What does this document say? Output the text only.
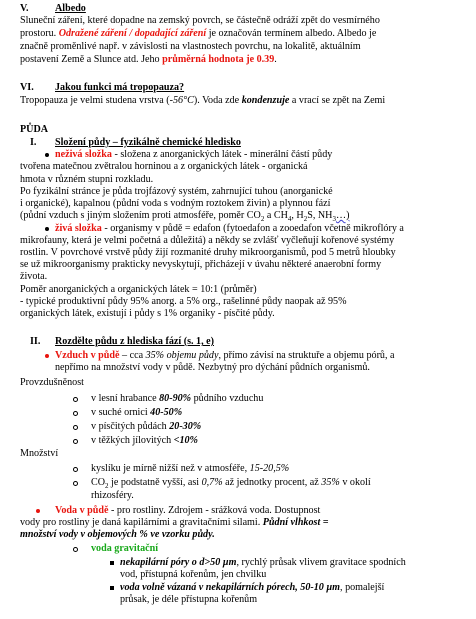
V.	Albedo
Sluneční záření, které dopadne na zemský povrch, se částečně odráží zpět do vesmírného
prostoru. Odražené záření / dopadající záření je označován termínem albedo. Albedo je
značně proměnlivé např. v závislosti na vlastnostech povrchu, na lokalitě, aktuálním
postavení Země a Slunce atd. Jeho průměrná hodnota je 0.39.
VI. Jakou funkci má tropopauza?
Tropopauza je velmi studena vrstva (-56°C). Voda zde kondenzuje a vrací se zpět na Zemi
PŮDA
I. Složení půdy – fyzikálně chemické hledisko
neživá složka - složena z anorganických látek - minerální částí půdy
tvořena matečnou zvětralou horninou a z organických látek - organická
hmota v různém stupni rozkladu.
Po fyzikální stránce je půda trojfázový systém, zahrnující tuhou (anorganické
i organické), kapalnou (půdní voda s vodným roztokem živin) a plynnou fází
(půdní vzduch s jiným složením proti atmosféře, poměr $CO_2$ a $CH_4$, $H_2S$, $NH_3\dots$)
živá složka - organismy v půdě = edafon (fytoedafon a zooedafon včetně mikroflóry a
mikrofauny, která je velmi početná a důležitá) a někdy se zvlášť vyčleňují kořenové systémy
rostlin. V povrchové vrstvě půdy žijí rozmanité druhy mikroorganismů, pod 5 metrů hloubky
se už mikroorganismy prakticky nevyskytují, přicházejí v úvahu některé anaerobní formy
života.
Poměr anorganických a organických látek = 10:1 (průměr)
- typické produktivní půdy 95% anorg. a 5% org., rašelinné půdy naopak až 95%
organických látek, existují i půdy s 1% organiky - písčité půdy.
II. Rozdělte půdu z hlediska fází (s. 1, e)
Vzduch v půdě – cca 35% objemu půdy, přímo závisí na struktuře a objemu pórů, a
nepřímo na množství vody v půdě. Nezbytný pro dýchání půdních organismů.
Provzdušněnost
v lesní hrabance 80-90% půdního vzduchu
v suché ornici 40-50%
v písčitých půdách 20-30%
v těžkých jílovitých <10%
Množství
kyslíku je mírně nižší než v atmosféře, 15-20,5%
$CO_2$ je podstatně vyšší, asi 0,7% až jednotky procent, až 35% v okolí
rhizosféry.
Voda v půdě - pro rostliny. Zdrojem - srážková voda. Dostupnost
vody pro rostliny je daná kapilárními a gravitačními silami. Půdní vlhkost =
množství vody v objemových % ve vzorku půdy.
voda gravitační
nekapilární póry o d>50 µm, rychlý průsak vlivem gravitace spodních
vod, přístupná kořenům, jen chvilku
voda volně vázaná v nekapilárních pórech, 50-10 µm, pomalejší
průsak, je déle přístupna kořenům
